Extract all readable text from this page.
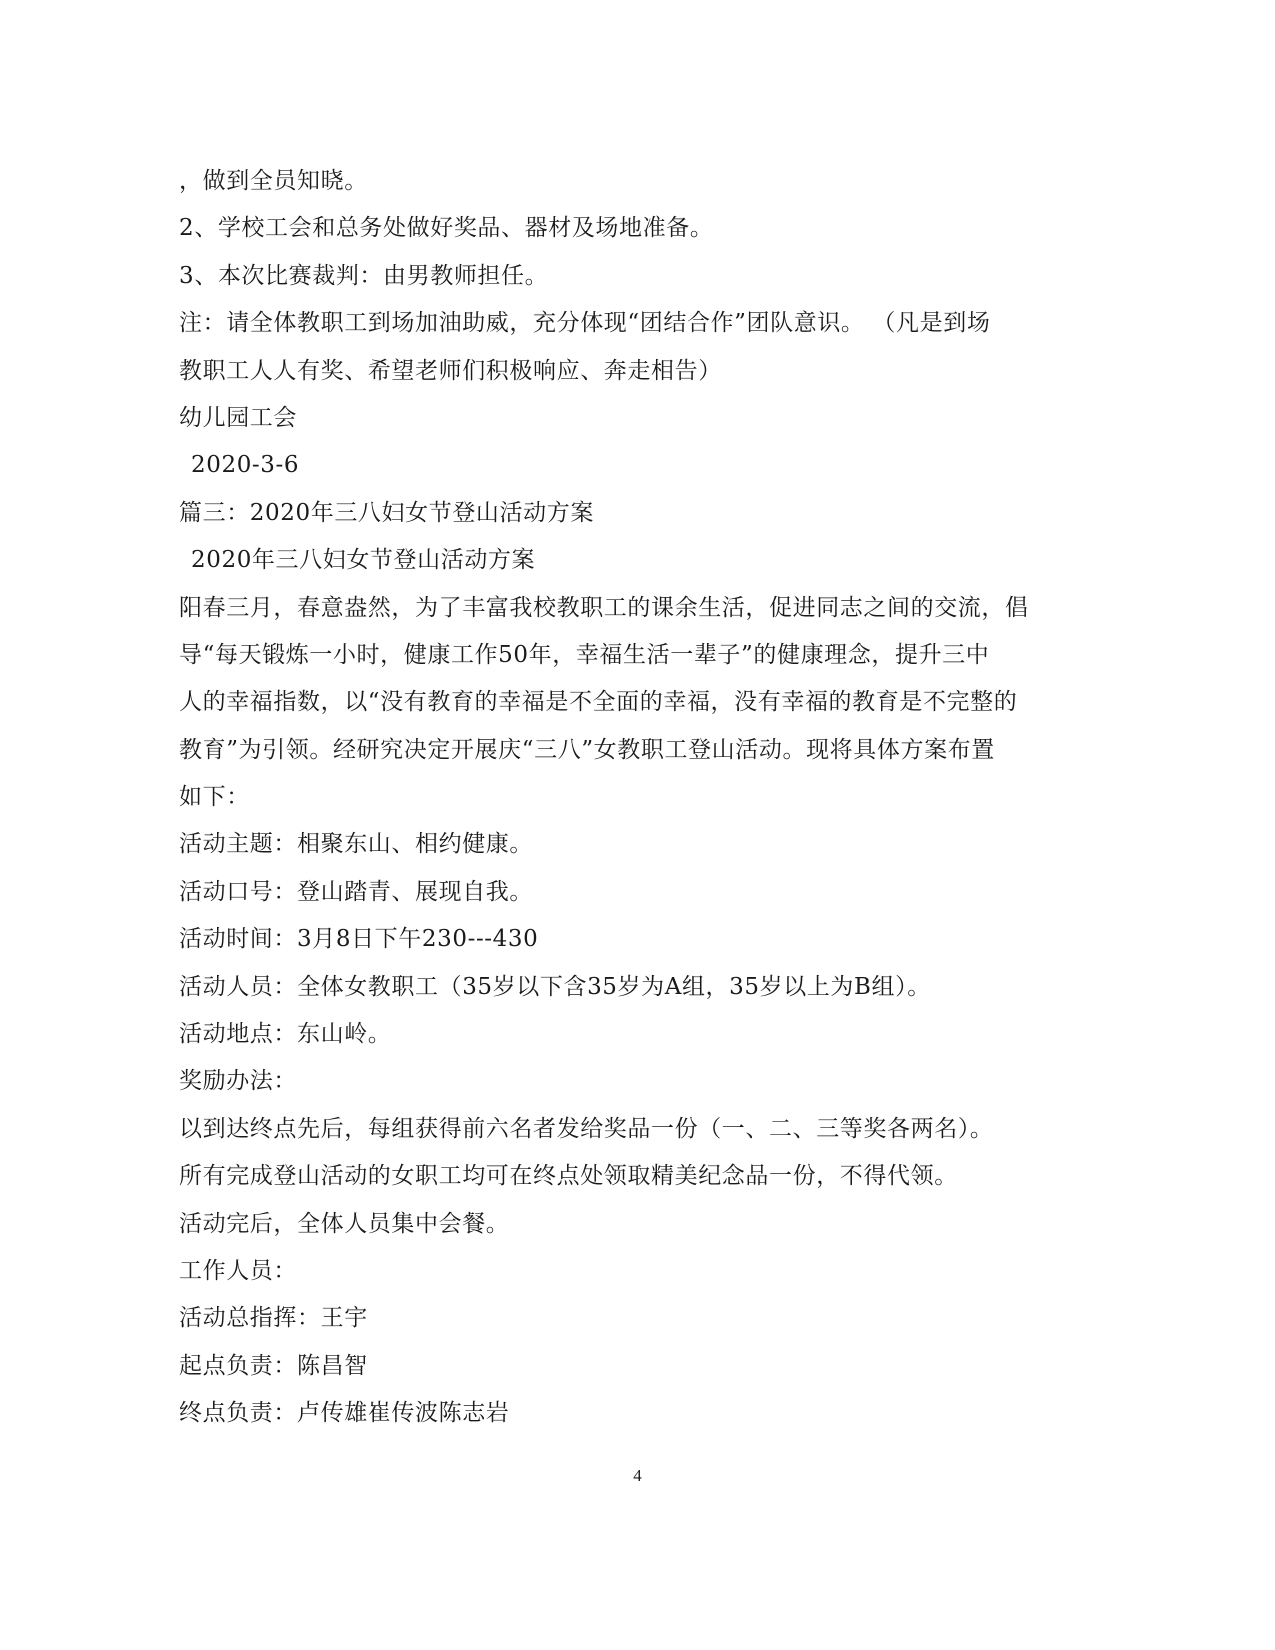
，做到全员知晓。
2、学校工会和总务处做好奖品、器材及场地准备。
3、本次比赛裁判：由男教师担任。
注：请全体教职工到场加油助威，充分体现“团结合作”团队意识。 （凡是到场
教职工人人有奖、希望老师们积极响应、奔走相告）
幼儿园工会
2020-3-6
篇三：2020年三八妇女节登山活动方案
2020年三八妇女节登山活动方案
阳春三月，春意盎然，为了丰富我校教职工的课余生活，促进同志之间的交流，倡
导“每天锻炼一小时，健康工作50年，幸福生活一辈子”的健康理念，提升三中
人的幸福指数，以“没有教育的幸福是不全面的幸福，没有幸福的教育是不完整的
教育”为引领。经研究决定开展庆“三八”女教职工登山活动。现将具体方案布置
如下：
活动主题：相聚东山、相约健康。
活动口号：登山踏青、展现自我。
活动时间：3月8日下午230---430
活动人员：全体女教职工（35岁以下含35岁为A组，35岁以上为B组）。
活动地点：东山岭。
奖励办法：
以到达终点先后，每组获得前六名者发给奖品一份（一、二、三等奖各两名）。
所有完成登山活动的女职工均可在终点处领取精美纪念品一份，不得代领。
活动完后，全体人员集中会餐。
工作人员：
活动总指挥：王宇
起点负责：陈昌智
终点负责：卢传雄崔传波陈志岩
4
